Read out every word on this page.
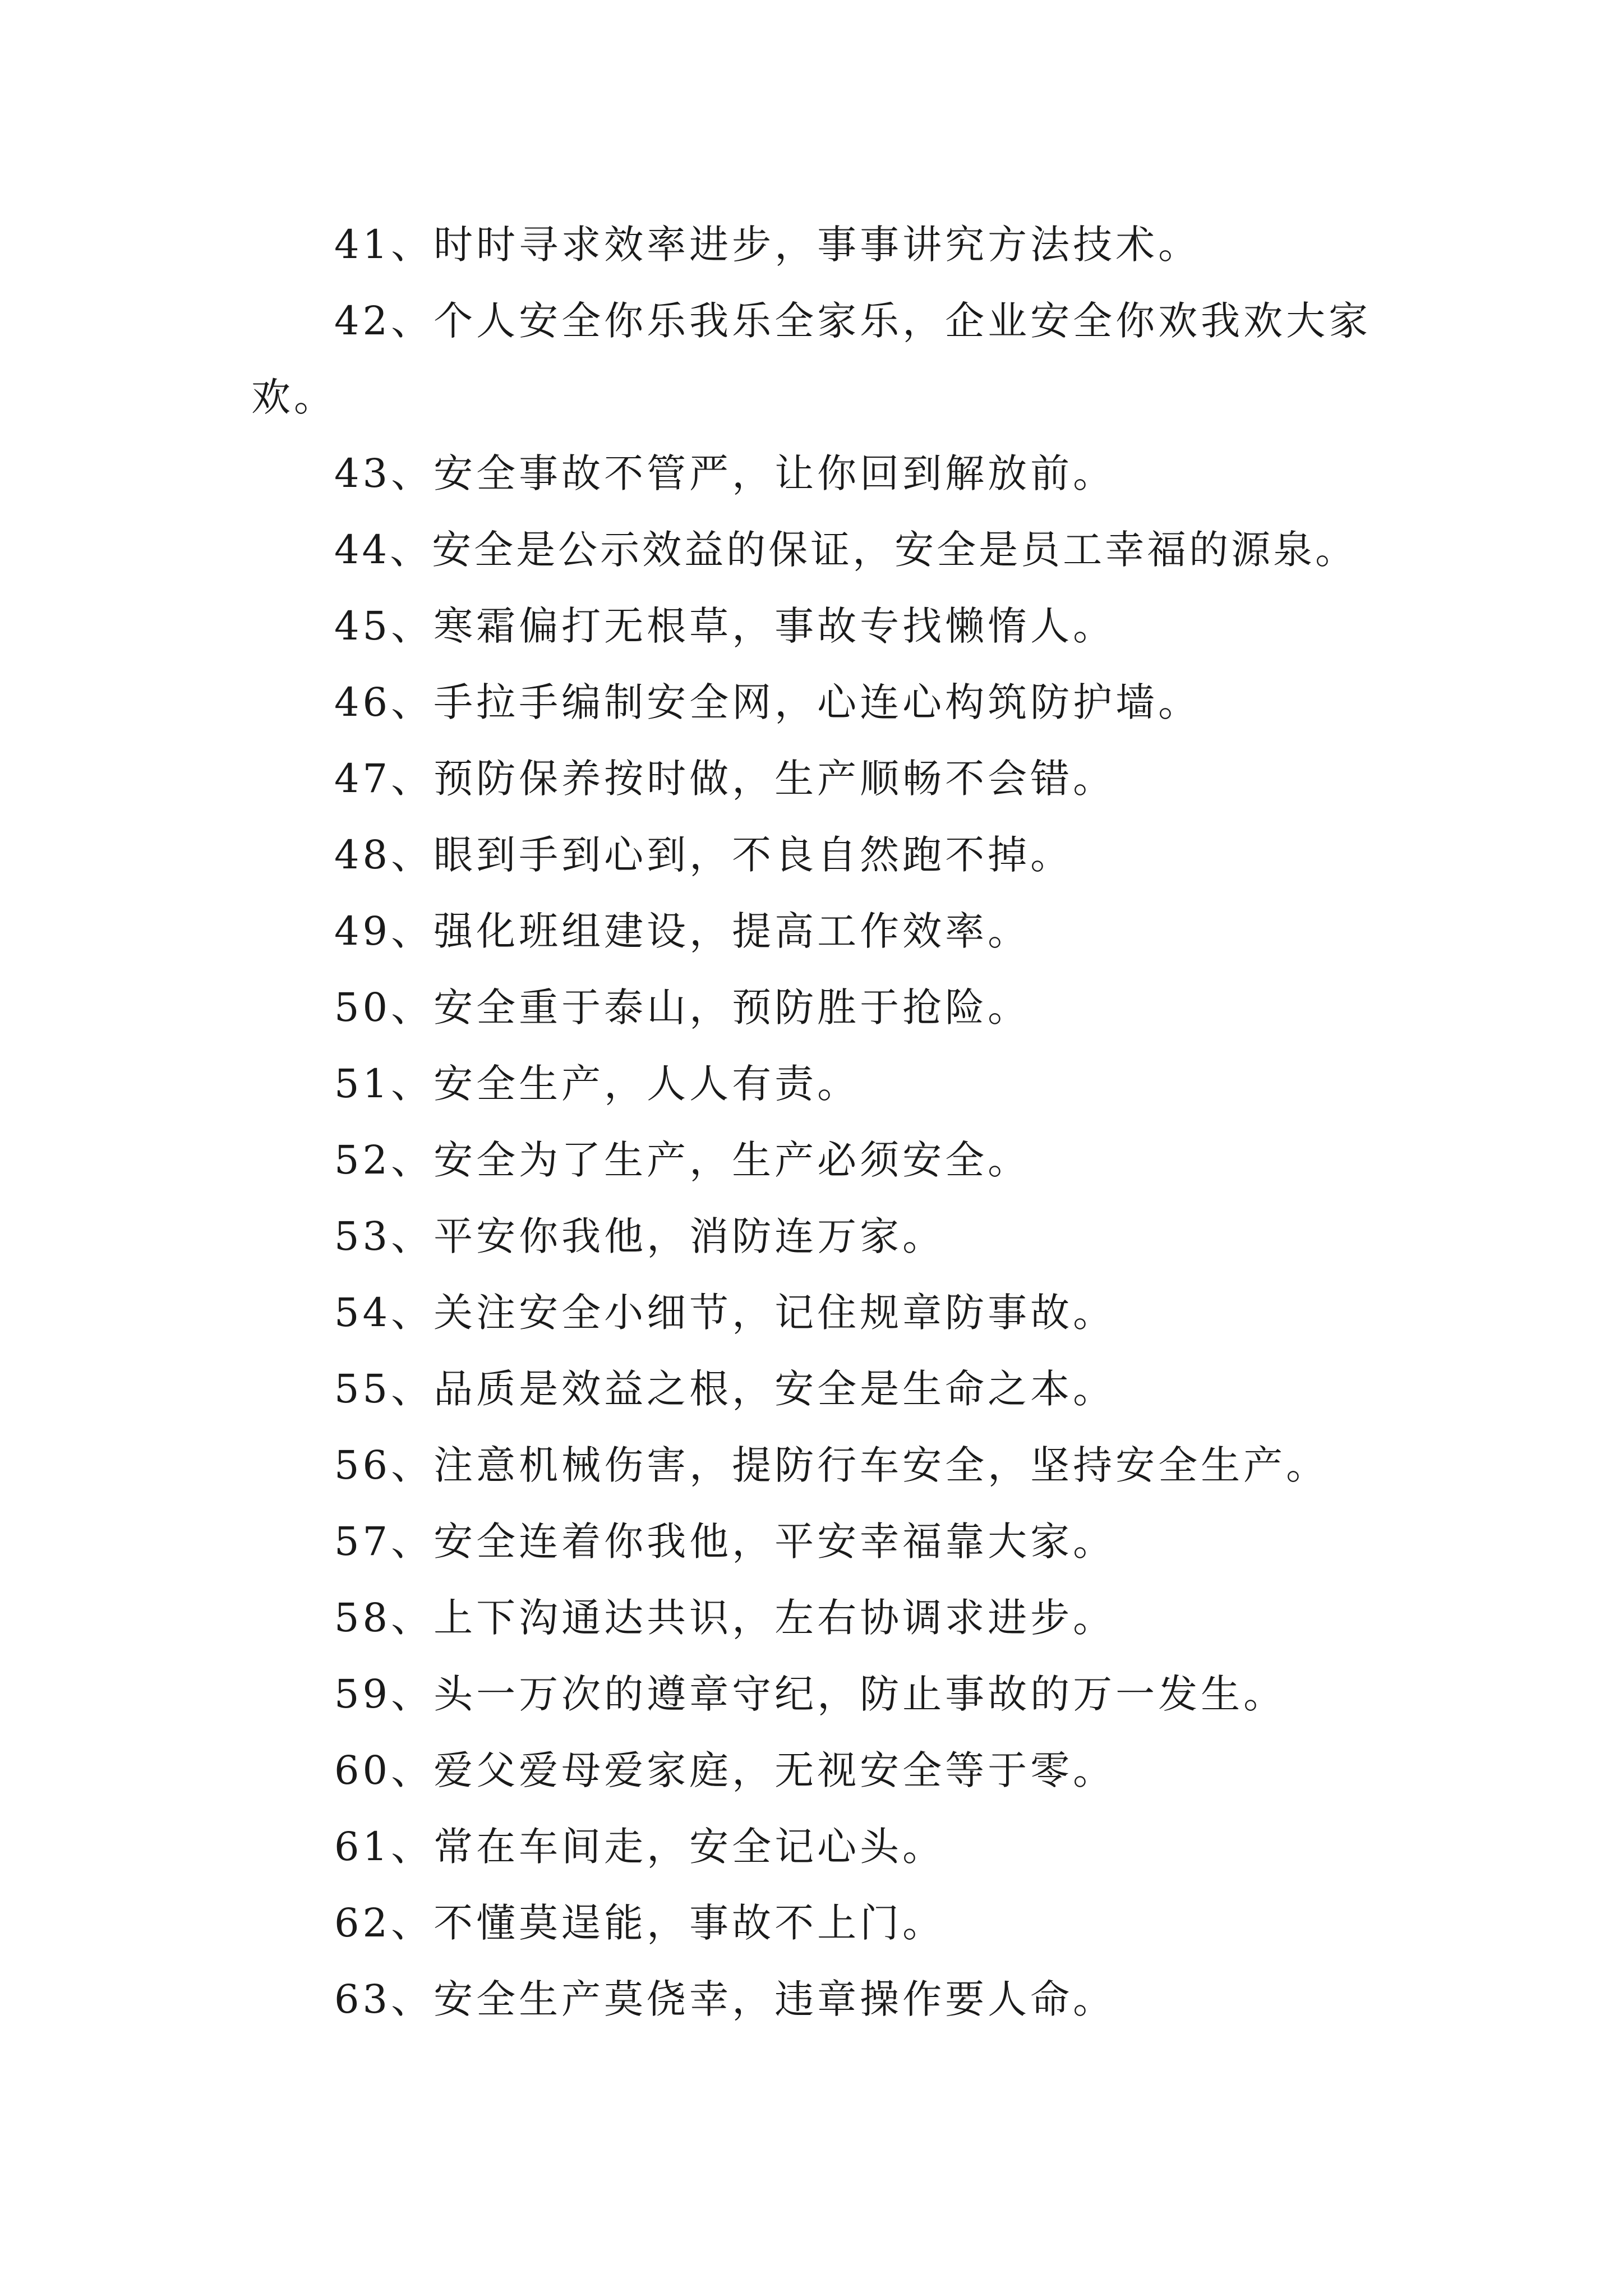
41、时时寻求效率进步，事事讲究方法技术。
42、个人安全你乐我乐全家乐，企业安全你欢我欢大家欢。
43、安全事故不管严，让你回到解放前。
44、安全是公示效益的保证，安全是员工幸福的源泉。
45、寒霜偏打无根草，事故专找懒惰人。
46、手拉手编制安全网，心连心构筑防护墙。
47、预防保养按时做，生产顺畅不会错。
48、眼到手到心到，不良自然跑不掉。
49、强化班组建设，提高工作效率。
50、安全重于泰山，预防胜于抢险。
51、安全生产，人人有责。
52、安全为了生产，生产必须安全。
53、平安你我他，消防连万家。
54、关注安全小细节，记住规章防事故。
55、品质是效益之根，安全是生命之本。
56、注意机械伤害，提防行车安全，坚持安全生产。
57、安全连着你我他，平安幸福靠大家。
58、上下沟通达共识，左右协调求进步。
59、头一万次的遵章守纪，防止事故的万一发生。
60、爱父爱母爱家庭，无视安全等于零。
61、常在车间走，安全记心头。
62、不懂莫逞能，事故不上门。
63、安全生产莫侥幸，违章操作要人命。
